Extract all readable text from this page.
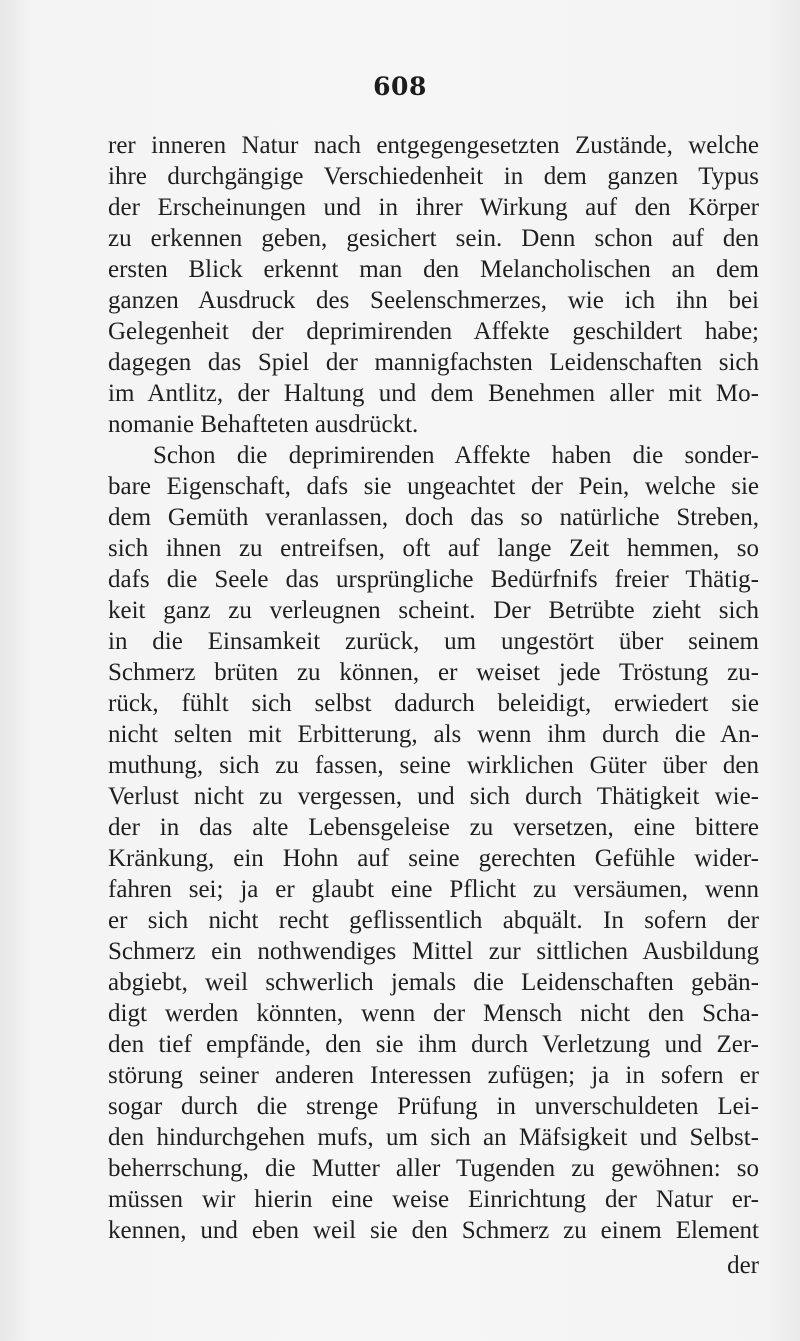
608
rer inneren Natur nach entgegengesetzten Zustände, welche
ihre durchgängige Verschiedenheit in dem ganzen Typus
der Erscheinungen und in ihrer Wirkung auf den Körper
zu erkennen geben, gesichert sein. Denn schon auf den
ersten Blick erkennt man den Melancholischen an dem
ganzen Ausdruck des Seelenschmerzes, wie ich ihn bei
Gelegenheit der deprimirenden Affekte geschildert habe;
dagegen das Spiel der mannigfachsten Leidenschaften sich
im Antlitz, der Haltung und dem Benehmen aller mit Mo-
nomanie Behafteten ausdrückt.
Schon die deprimirenden Affekte haben die sonder-
bare Eigenschaft, dafs sie ungeachtet der Pein, welche sie
dem Gemüth veranlassen, doch das so natürliche Streben,
sich ihnen zu entreifsen, oft auf lange Zeit hemmen, so
dafs die Seele das ursprüngliche Bedürfnifs freier Thätig-
keit ganz zu verleugnen scheint. Der Betrübte zieht sich
in die Einsamkeit zurück, um ungestört über seinem
Schmerz brüten zu können, er weiset jede Tröstung zu-
rück, fühlt sich selbst dadurch beleidigt, erwiedert sie
nicht selten mit Erbitterung, als wenn ihm durch die An-
muthung, sich zu fassen, seine wirklichen Güter über den
Verlust nicht zu vergessen, und sich durch Thätigkeit wie-
der in das alte Lebensgeleise zu versetzen, eine bittere
Kränkung, ein Hohn auf seine gerechten Gefühle wider-
fahren sei; ja er glaubt eine Pflicht zu versäumen, wenn
er sich nicht recht geflissentlich abquält. In sofern der
Schmerz ein nothwendiges Mittel zur sittlichen Ausbildung
abgiebt, weil schwerlich jemals die Leidenschaften gebän-
digt werden könnten, wenn der Mensch nicht den Scha-
den tief empfände, den sie ihm durch Verletzung und Zer-
störung seiner anderen Interessen zufügen; ja in sofern er
sogar durch die strenge Prüfung in unverschuldeten Lei-
den hindurchgehen mufs, um sich an Mäfsigkeit und Selbst-
beherrschung, die Mutter aller Tugenden zu gewöhnen: so
müssen wir hierin eine weise Einrichtung der Natur er-
kennen, und eben weil sie den Schmerz zu einem Element
der
